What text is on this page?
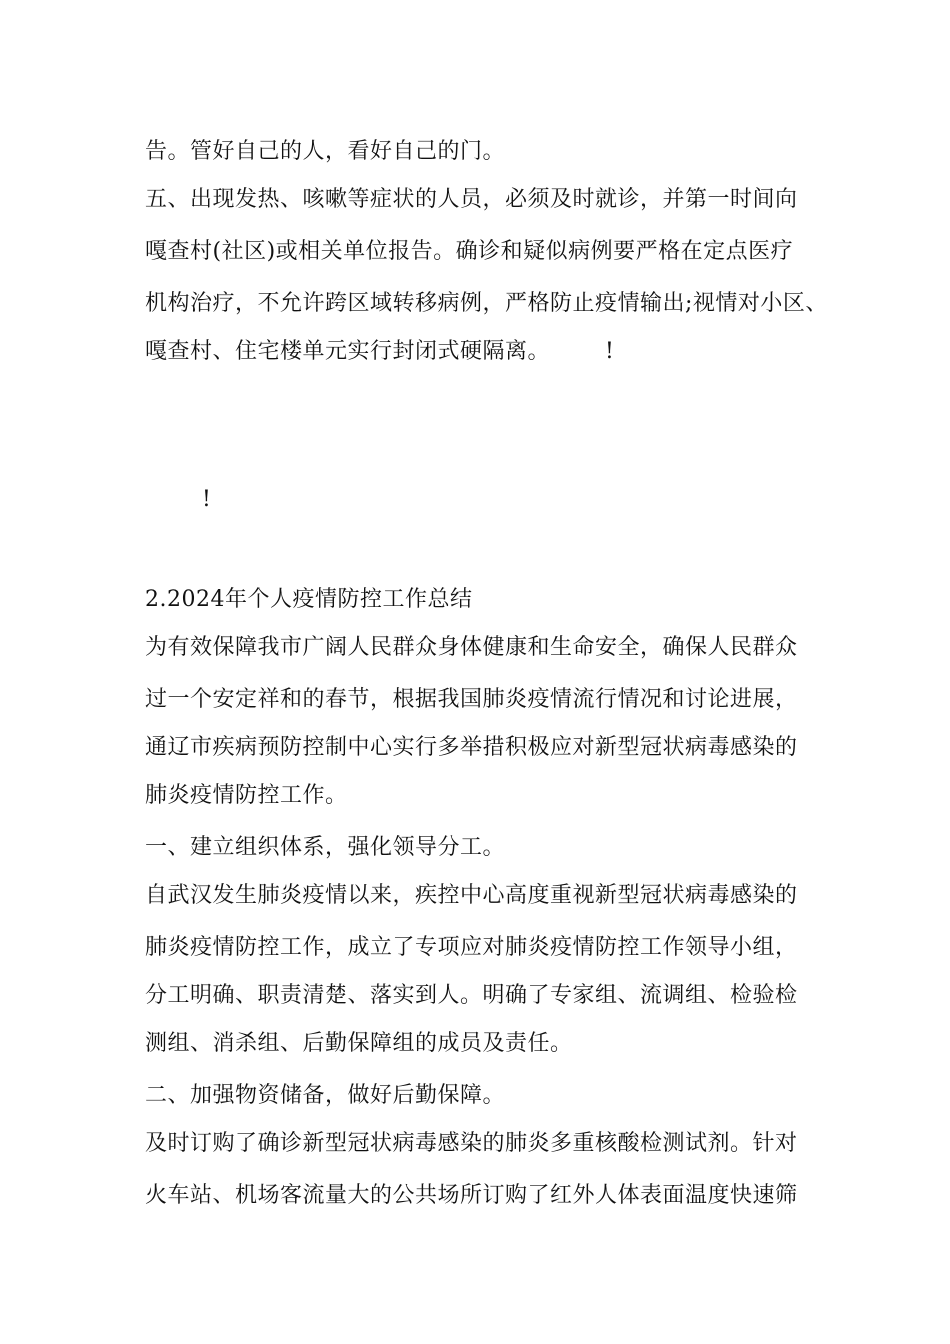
告。管好自己的人，看好自己的门。
五、出现发热、咳嗽等症状的人员，必须及时就诊，并第一时间向
嘎查村(社区)或相关单位报告。确诊和疑似病例要严格在定点医疗
机构治疗，不允许跨区域转移病例，严格防止疫情输出;视情对小区、
嘎查村、住宅楼单元实行封闭式硬隔离。 !
!
2.2024年个人疫情防控工作总结
为有效保障我市广阔人民群众身体健康和生命安全，确保人民群众
过一个安定祥和的春节，根据我国肺炎疫情流行情况和讨论进展，
通辽市疾病预防控制中心实行多举措积极应对新型冠状病毒感染的
肺炎疫情防控工作。
一、建立组织体系，强化领导分工。
自武汉发生肺炎疫情以来，疾控中心高度重视新型冠状病毒感染的
肺炎疫情防控工作，成立了专项应对肺炎疫情防控工作领导小组，
分工明确、职责清楚、落实到人。明确了专家组、流调组、检验检
测组、消杀组、后勤保障组的成员及责任。
二、加强物资储备，做好后勤保障。
及时订购了确诊新型冠状病毒感染的肺炎多重核酸检测试剂。针对
火车站、机场客流量大的公共场所订购了红外人体表面温度快速筛
